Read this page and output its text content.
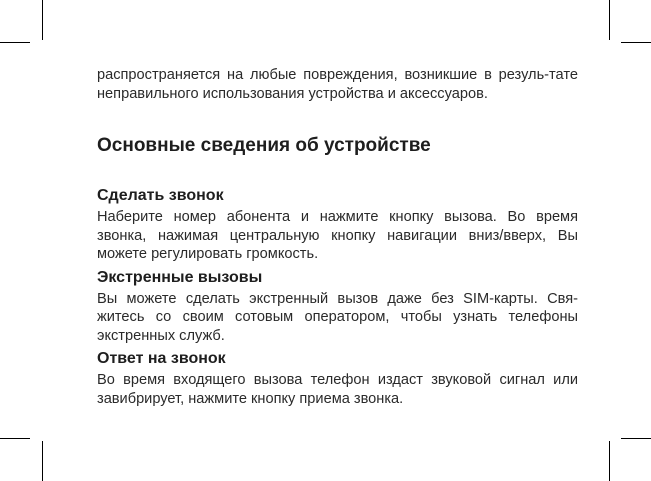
распространяется на любые повреждения, возникшие в резуль-тате неправильного использования устройства и аксессуаров.

Основные сведения об устройстве
Сделать звонок

Наберите номер абонента и нажмите кнопку вызова. Во время звонка, нажимая центральную кнопку навигации вниз/вверх, Вы можете регулировать громкость.

Экстренные вызовы

Вы можете сделать экстренный вызов даже без SIM-карты. Свя-житесь со своим сотовым оператором, чтобы узнать телефоны экстренных служб.

Ответ на звонок

Во время входящего вызова телефон издаст звуковой сигнал или завибрирует, нажмите кнопку приема звонка.
